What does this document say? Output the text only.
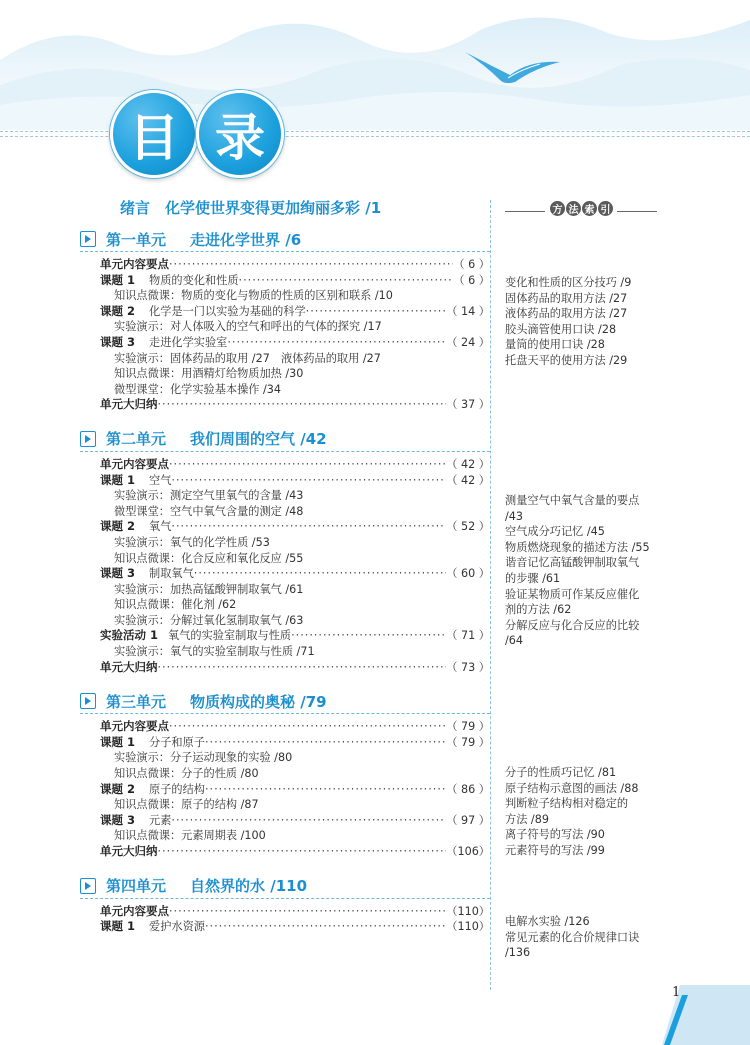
目 录
绪言　化学使世界变得更加绚丽多彩 /1
第一单元 走进化学世界 /6
单元内容要点 ·····	（ 6 ）
课题 1 物质的变化和性质 ·····	（ 6 ）
知识点微课：物质的变化与物质的性质的区别和联系 /10
课题 2 化学是一门以实验为基础的科学 ·····	（ 14 ）
实验演示：对人体吸入的空气和呼出的气体的探究 /17
课题 3 走进化学实验室 ·····	（ 24 ）
实验演示：固体药品的取用 /27　液体药品的取用 /27
知识点微课：用酒精灯给物质加热 /30
微型课堂：化学实验基本操作 /34
单元大归纳 ·····	（ 37 ）
第二单元 我们周围的空气 /42
单元内容要点 ·····	（ 42 ）
课题 1 空气 ·····	（ 42 ）
实验演示：测定空气里氧气的含量 /43
微型课堂：空气中氧气含量的测定 /48
课题 2 氧气 ·····	（ 52 ）
实验演示：氧气的化学性质 /53
知识点微课：化合反应和氧化反应 /55
课题 3 制取氧气 ·····	（ 60 ）
实验演示：加热高锰酸钾制取氧气 /61
知识点微课：催化剂 /62
实验演示：分解过氧化氢制取氧气 /63
实验活动 1 氧气的实验室制取与性质 ·····	（ 71 ）
实验演示：氧气的实验室制取与性质 /71
单元大归纳 ·····	（ 73 ）
第三单元 物质构成的奥秘 /79
单元内容要点 ·····	（ 79 ）
课题 1 分子和原子 ·····	（ 79 ）
实验演示：分子运动现象的实验 /80
知识点微课：分子的性质 /80
课题 2 原子的结构 ·····	（ 86 ）
知识点微课：原子的结构 /87
课题 3 元素 ·····	（ 97 ）
知识点微课：元素周期表 /100
单元大归纳 ·····	（106）
第四单元 自然界的水 /110
单元内容要点 ·····	（110）
课题 1 爱护水资源 ·····	（110）
方 法 索 引
变化和性质的区分技巧 /9
固体药品的取用方法 /27
液体药品的取用方法 /27
胶头滴管使用口诀 /28
量筒的使用口诀 /28
托盘天平的使用方法 /29
测量空气中氧气含量的要点
/43
空气成分巧记忆 /45
物质燃烧现象的描述方法 /55
谐音记忆高锰酸钾制取氧气
的步骤 /61
验证某物质可作某反应催化
剂的方法 /62
分解反应与化合反应的比较
/64
分子的性质巧记忆 /81
原子结构示意图的画法 /88
判断粒子结构相对稳定的
方法 /89
离子符号的写法 /90
元素符号的写法 /99
电解水实验 /126
常见元素的化合价规律口诀
/136
1
